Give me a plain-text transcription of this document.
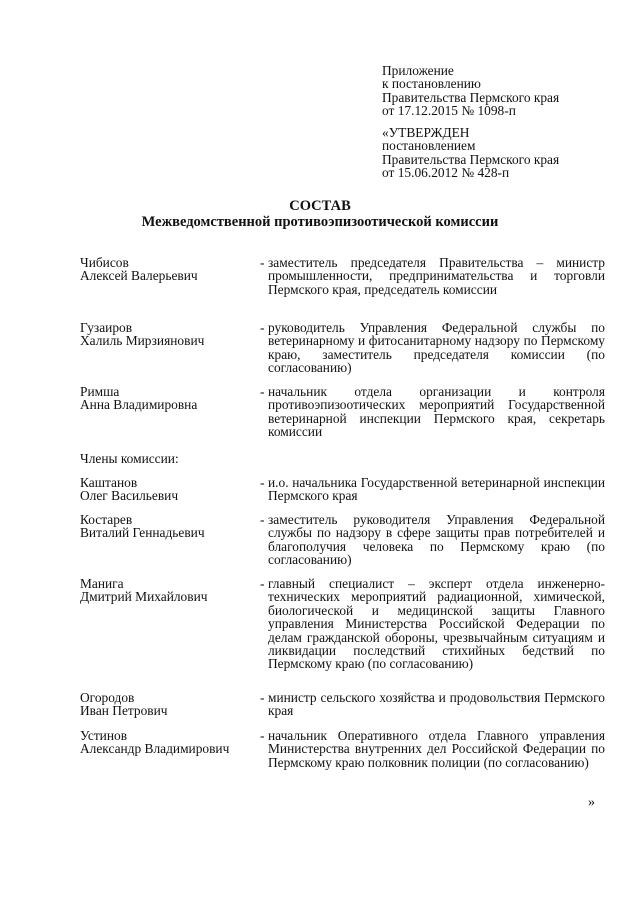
Приложение
к постановлению
Правительства Пермского края
от 17.12.2015 № 1098-п
«УТВЕРЖДЕН
постановлением
Правительства Пермского края
от 15.06.2012 № 428-п
СОСТАВ
Межведомственной противоэпизоотической комиссии
Чибисов
Алексей Валерьевич
- заместитель председателя Правительства – министр промышленности, предпринимательства и торговли Пермского края, председатель комиссии
Гузаиров
Халиль Мирзиянович
- руководитель Управления Федеральной службы по ветеринарному и фитосанитарному надзору по Пермскому краю, заместитель председателя комиссии (по согласованию)
Римша
Анна Владимировна
- начальник отдела организации и контроля противоэпизоотических мероприятий Государственной ветеринарной инспекции Пермского края, секретарь комиссии
Члены комиссии:
Каштанов
Олег Васильевич
- и.о. начальника Государственной ветеринарной инспекции Пермского края
Костарев
Виталий Геннадьевич
- заместитель руководителя Управления Федеральной службы по надзору в сфере защиты прав потребителей и благополучия человека по Пермскому краю (по согласованию)
Манига
Дмитрий Михайлович
- главный специалист – эксперт отдела инженерно-технических мероприятий радиационной, химической, биологической и медицинской защиты Главного управления Министерства Российской Федерации по делам гражданской обороны, чрезвычайным ситуациям и ликвидации последствий стихийных бедствий по Пермскому краю (по согласованию)
Огородов
Иван Петрович
- министр сельского хозяйства и продовольствия Пермского края
Устинов
Александр Владимирович
- начальник Оперативного отдела Главного управления Министерства внутренних дел Российской Федерации по Пермскому краю полковник полиции (по согласованию)
»
